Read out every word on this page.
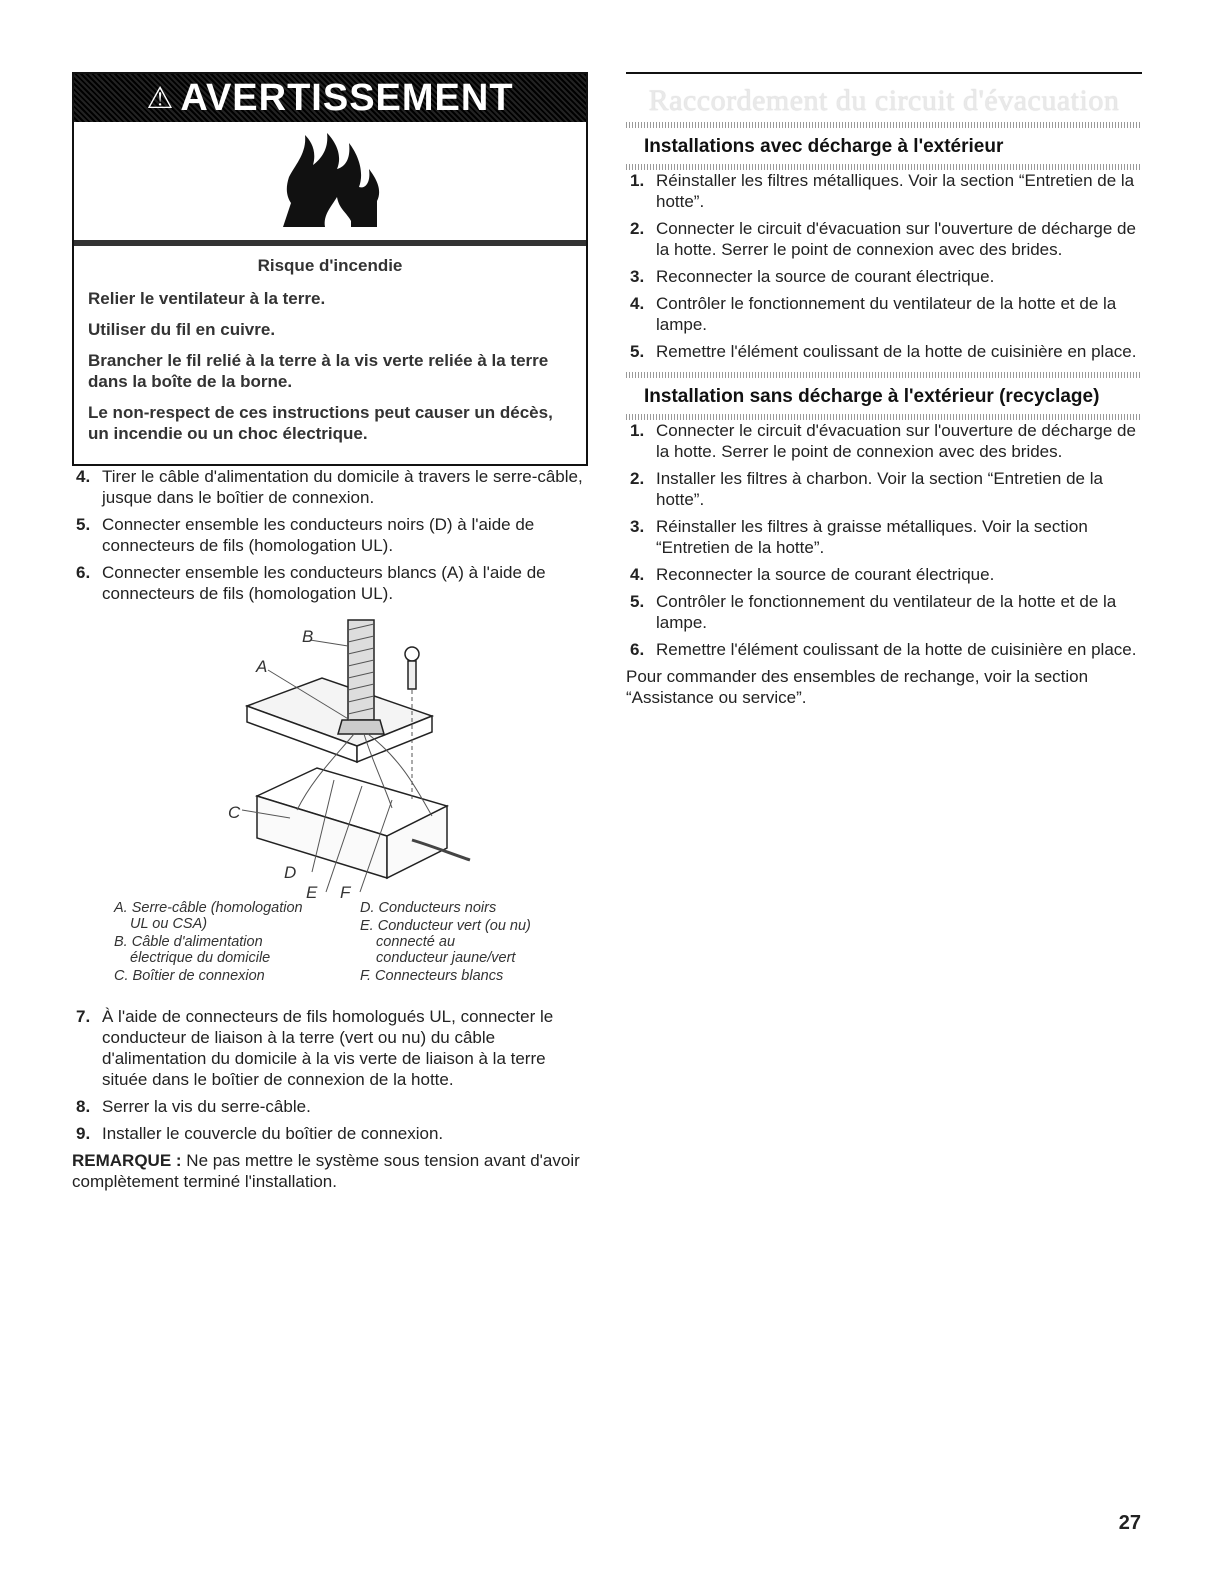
⚠ AVERTISSEMENT
Risque d'incendie

Relier le ventilateur à la terre.

Utiliser du fil en cuivre.

Brancher le fil relié à la terre à la vis verte reliée à la terre dans la boîte de la borne.

Le non-respect de ces instructions peut causer un décès, un incendie ou un choc électrique.

4. Tirer le câble d'alimentation du domicile à travers le serre-câble, jusque dans le boîtier de connexion.
5. Connecter ensemble les conducteurs noirs (D) à l'aide de connecteurs de fils (homologation UL).
6. Connecter ensemble les conducteurs blancs (A) à l'aide de connecteurs de fils (homologation UL).
B
A
C
D
E F
A. Serre-câble (homologation
UL ou CSA)
B. Câble d'alimentation
électrique du domicile
C. Boîtier de connexion
D. Conducteurs noirs
E. Conducteur vert (ou nu)
connecté au
conducteur jaune/vert
F. Connecteurs blancs
7. À l'aide de connecteurs de fils homologués UL, connecter le conducteur de liaison à la terre (vert ou nu) du câble d'alimentation du domicile à la vis verte de liaison à la terre située dans le boîtier de connexion de la hotte.
8. Serrer la vis du serre-câble.
9. Installer le couvercle du boîtier de connexion.
REMARQUE : Ne pas mettre le système sous tension avant d'avoir complètement terminé l'installation.
Raccordement du circuit d'évacuation
Installations avec décharge à l'extérieur
1. Réinstaller les filtres métalliques. Voir la section “Entretien de la hotte”.
2. Connecter le circuit d'évacuation sur l'ouverture de décharge de la hotte. Serrer le point de connexion avec des brides.
3. Reconnecter la source de courant électrique.
4. Contrôler le fonctionnement du ventilateur de la hotte et de la lampe.
5. Remettre l'élément coulissant de la hotte de cuisinière en place.
Installation sans décharge à l'extérieur (recyclage)
1. Connecter le circuit d'évacuation sur l'ouverture de décharge de la hotte. Serrer le point de connexion avec des brides.
2. Installer les filtres à charbon. Voir la section “Entretien de la hotte”.
3. Réinstaller les filtres à graisse métalliques. Voir la section “Entretien de la hotte”.
4. Reconnecter la source de courant électrique.
5. Contrôler le fonctionnement du ventilateur de la hotte et de la lampe.
6. Remettre l'élément coulissant de la hotte de cuisinière en place.
Pour commander des ensembles de rechange, voir la section “Assistance ou service”.
27
